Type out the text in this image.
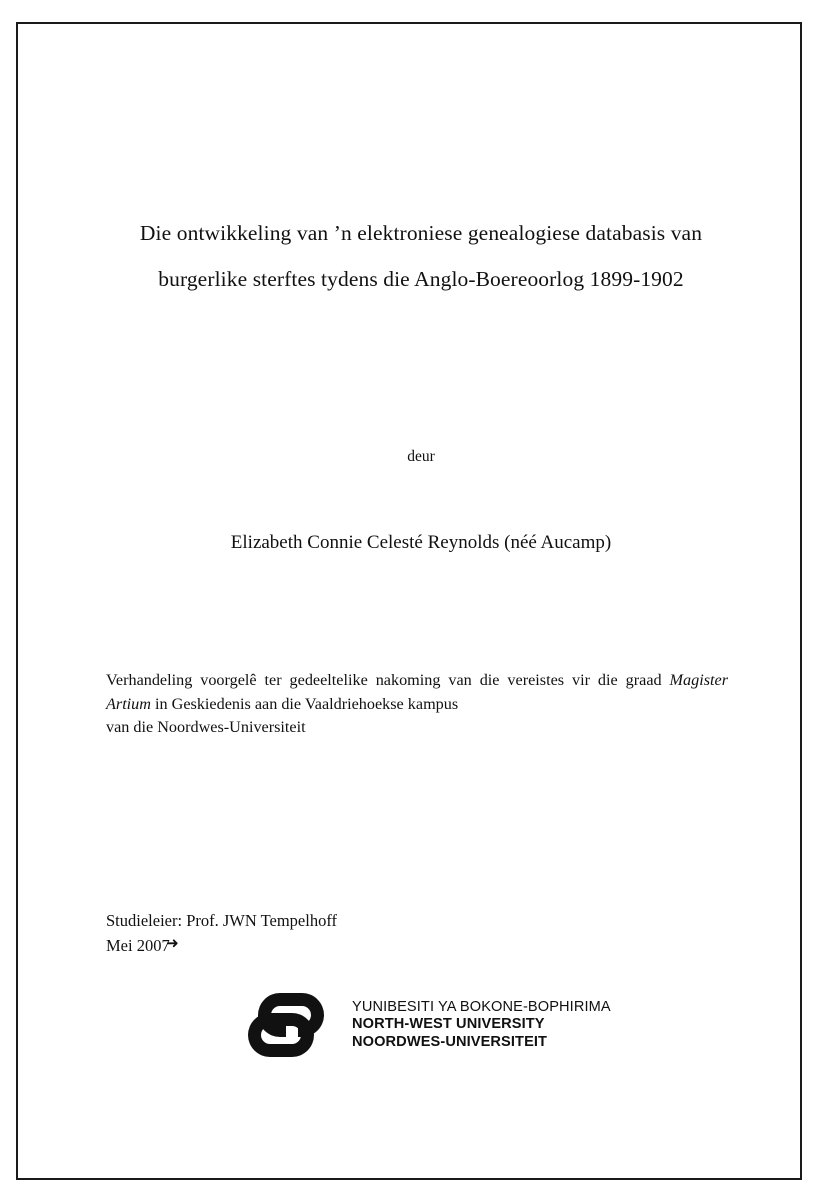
Die ontwikkeling van ’n elektroniese genealogiese databasis van
burgerlike sterftes tydens die Anglo-Boereoorlog 1899-1902
deur
Elizabeth Connie Celesté Reynolds (néé Aucamp)
Verhandeling voorgelê ter gedeeltelike nakoming van die vereistes vir die graad Magister Artium in Geskiedenis aan die Vaaldriehoekse kampus
van die Noordwes-Universiteit
Studieleier: Prof. JWN Tempelhoff
Mei 2007
➜
YUNIBESITI YA BOKONE-BOPHIRIMA
NORTH-WEST UNIVERSITY
NOORDWES-UNIVERSITEIT
